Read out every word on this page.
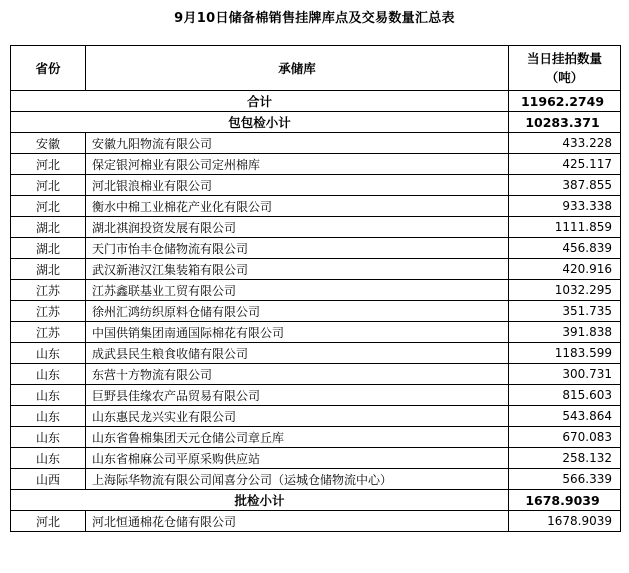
9月10日储备棉销售挂牌库点及交易数量汇总表
省份	承储库	当日挂拍数量
（吨）
合计		11962.2749
包包检小计		10283.371
安徽	安徽九阳物流有限公司	433.228
河北	保定银河棉业有限公司定州棉库	425.117
河北	河北银浪棉业有限公司	387.855
河北	衡水中棉工业棉花产业化有限公司	933.338
湖北	湖北祺润投资发展有限公司	1111.859
湖北	天门市怡丰仓储物流有限公司	456.839
湖北	武汉新港汉江集装箱有限公司	420.916
江苏	江苏鑫联基业工贸有限公司	1032.295
江苏	徐州汇鸿纺织原料仓储有限公司	351.735
江苏	中国供销集团南通国际棉花有限公司	391.838
山东	成武县民生粮食收储有限公司	1183.599
山东	东营十方物流有限公司	300.731
山东	巨野县佳缘农产品贸易有限公司	815.603
山东	山东惠民龙兴实业有限公司	543.864
山东	山东省鲁棉集团天元仓储公司章丘库	670.083
山东	山东省棉麻公司平原采购供应站	258.132
山西	上海际华物流有限公司闻喜分公司（运城仓储物流中心）	566.339
批检小计		1678.9039
河北	河北恒通棉花仓储有限公司	1678.9039
